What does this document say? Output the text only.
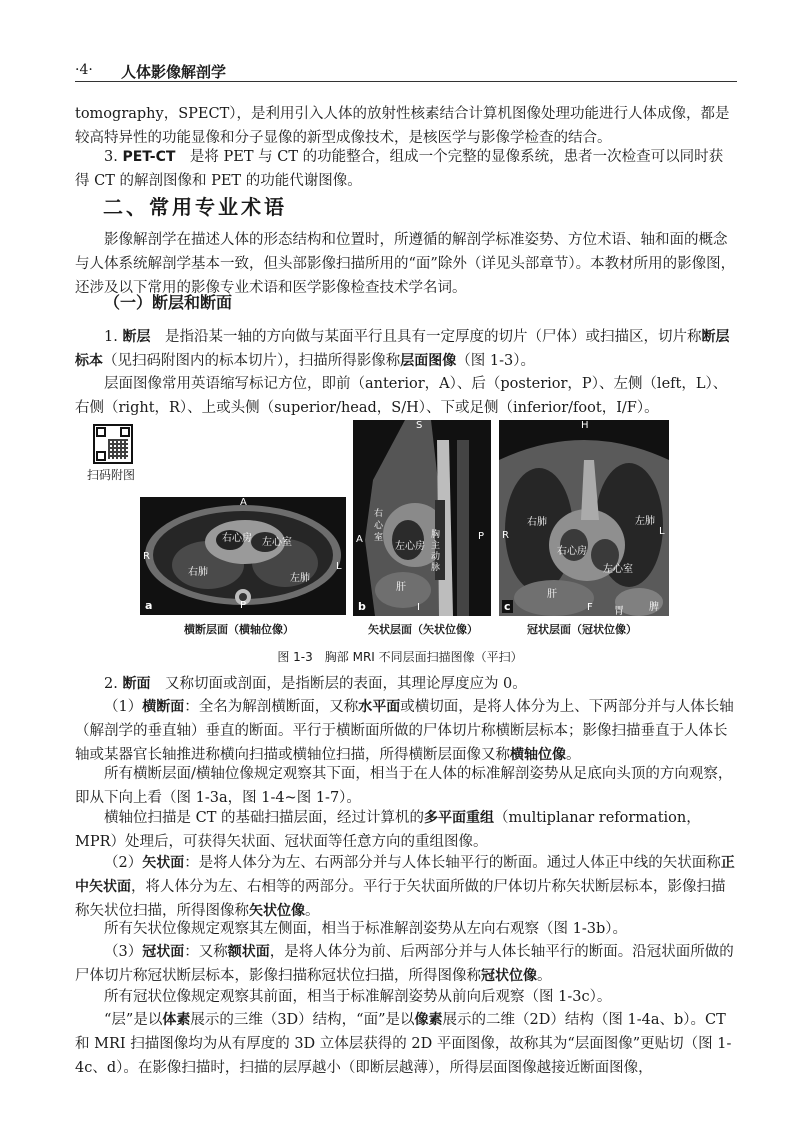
·4· 人体影像解剖学

tomography，SPECT），是利用引入人体的放射性核素结合计算机图像处理功能进行人体成像，都是较高特异性的功能显像和分子显像的新型成像技术，是核医学与影像学检查的结合。

3. PET-CT　是将 PET 与 CT 的功能整合，组成一个完整的显像系统，患者一次检查可以同时获得 CT 的解剖图像和 PET 的功能代谢图像。

二、常用专业术语

影像解剖学在描述人体的形态结构和位置时，所遵循的解剖学标准姿势、方位术语、轴和面的概念与人体系统解剖学基本一致，但头部影像扫描所用的“面”除外（详见头部章节）。本教材所用的影像图，还涉及以下常用的影像专业术语和医学影像检查技术学名词。

（一）断层和断面

1. 断层　是指沿某一轴的方向做与某面平行且具有一定厚度的切片（尸体）或扫描区，切片称断层标本（见扫码附图内的标本切片），扫描所得影像称层面图像（图 1-3）。

层面图像常用英语缩写标记方位，即前（anterior，A）、后（posterior，P）、左侧（left，L）、右侧（right，R）、上或头侧（superior/head，S/H）、下或足侧（inferior/foot，I/F）。

扫码附图
A
P
R
L
右心房 左心室
右肺
左肺
a
S
I
A	P
右心室
左心房
胸主动脉
肝
b
H
F
R	L
右肺	左肺
右心房
左心室
肝
胃	脾
c
横断层面（横轴位像）	矢状层面（矢状位像）	冠状层面（冠状位像）
图 1-3　胸部 MRI 不同层面扫描图像（平扫）

2. 断面　又称切面或剖面，是指断层的表面，其理论厚度应为 0。

（1）横断面：全名为解剖横断面，又称水平面或横切面，是将人体分为上、下两部分并与人体长轴（解剖学的垂直轴）垂直的断面。平行于横断面所做的尸体切片称横断层标本；影像扫描垂直于人体长轴或某器官长轴推进称横向扫描或横轴位扫描，所得横断层面像又称横轴位像。

所有横断层面/横轴位像规定观察其下面，相当于在人体的标准解剖姿势从足底向头顶的方向观察，即从下向上看（图 1-3a，图 1-4~图 1-7）。

横轴位扫描是 CT 的基础扫描层面，经过计算机的多平面重组（multiplanar reformation，MPR）处理后，可获得矢状面、冠状面等任意方向的重组图像。

（2）矢状面：是将人体分为左、右两部分并与人体长轴平行的断面。通过人体正中线的矢状面称正中矢状面，将人体分为左、右相等的两部分。平行于矢状面所做的尸体切片称矢状断层标本，影像扫描称矢状位扫描，所得图像称矢状位像。

所有矢状位像规定观察其左侧面，相当于标准解剖姿势从左向右观察（图 1-3b）。

（3）冠状面：又称额状面，是将人体分为前、后两部分并与人体长轴平行的断面。沿冠状面所做的尸体切片称冠状断层标本，影像扫描称冠状位扫描，所得图像称冠状位像。

所有冠状位像规定观察其前面，相当于标准解剖姿势从前向后观察（图 1-3c）。

“层”是以体素展示的三维（3D）结构，“面”是以像素展示的二维（2D）结构（图 1-4a、b）。CT 和 MRI 扫描图像均为从有厚度的 3D 立体层获得的 2D 平面图像，故称其为“层面图像”更贴切（图 1-4c、d）。在影像扫描时，扫描的层厚越小（即断层越薄），所得层面图像越接近断面图像，
